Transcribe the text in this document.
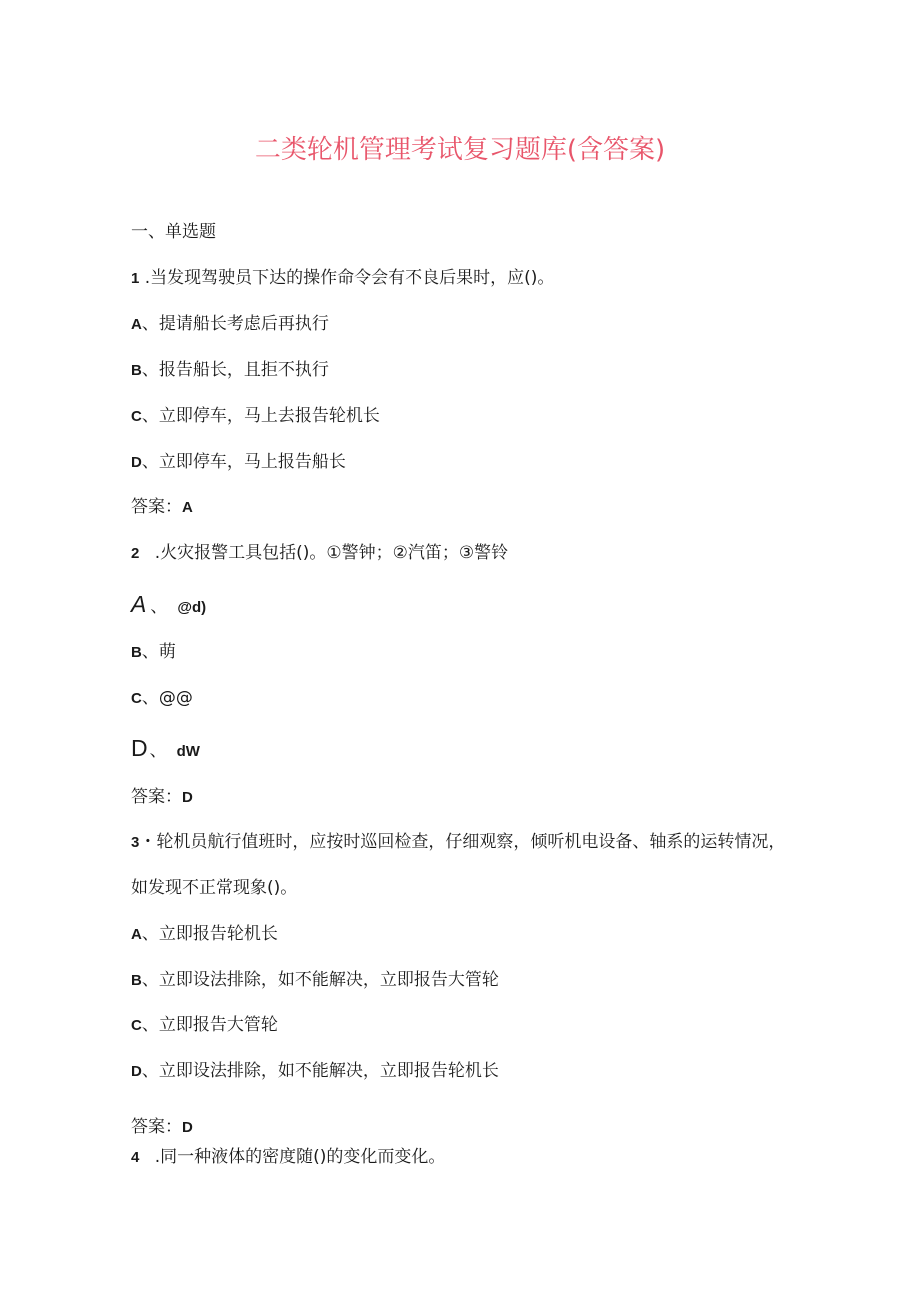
二类轮机管理考试复习题库(含答案)
一、单选题
1 .当发现驾驶员下达的操作命令会有不良后果时，应()。
A、提请船长考虑后再执行
B、报告船长，且拒不执行
C、立即停车，马上去报告轮机长
D、立即停车，马上报告船长
答案：A
2 .火灾报警工具包括()。①警钟；②汽笛；③警铃
A 、 @d)
B、萌
C、@@
D 、 dW
答案：D
3・轮机员航行值班时，应按时巡回检查，仔细观察，倾听机电设备、轴系的运转情况，
如发现不正常现象()。
A、立即报告轮机长
B、立即设法排除，如不能解决，立即报告大管轮
C、立即报告大管轮
D、立即设法排除，如不能解决，立即报告轮机长
答案：D
4 .同一种液体的密度随()的变化而变化。
